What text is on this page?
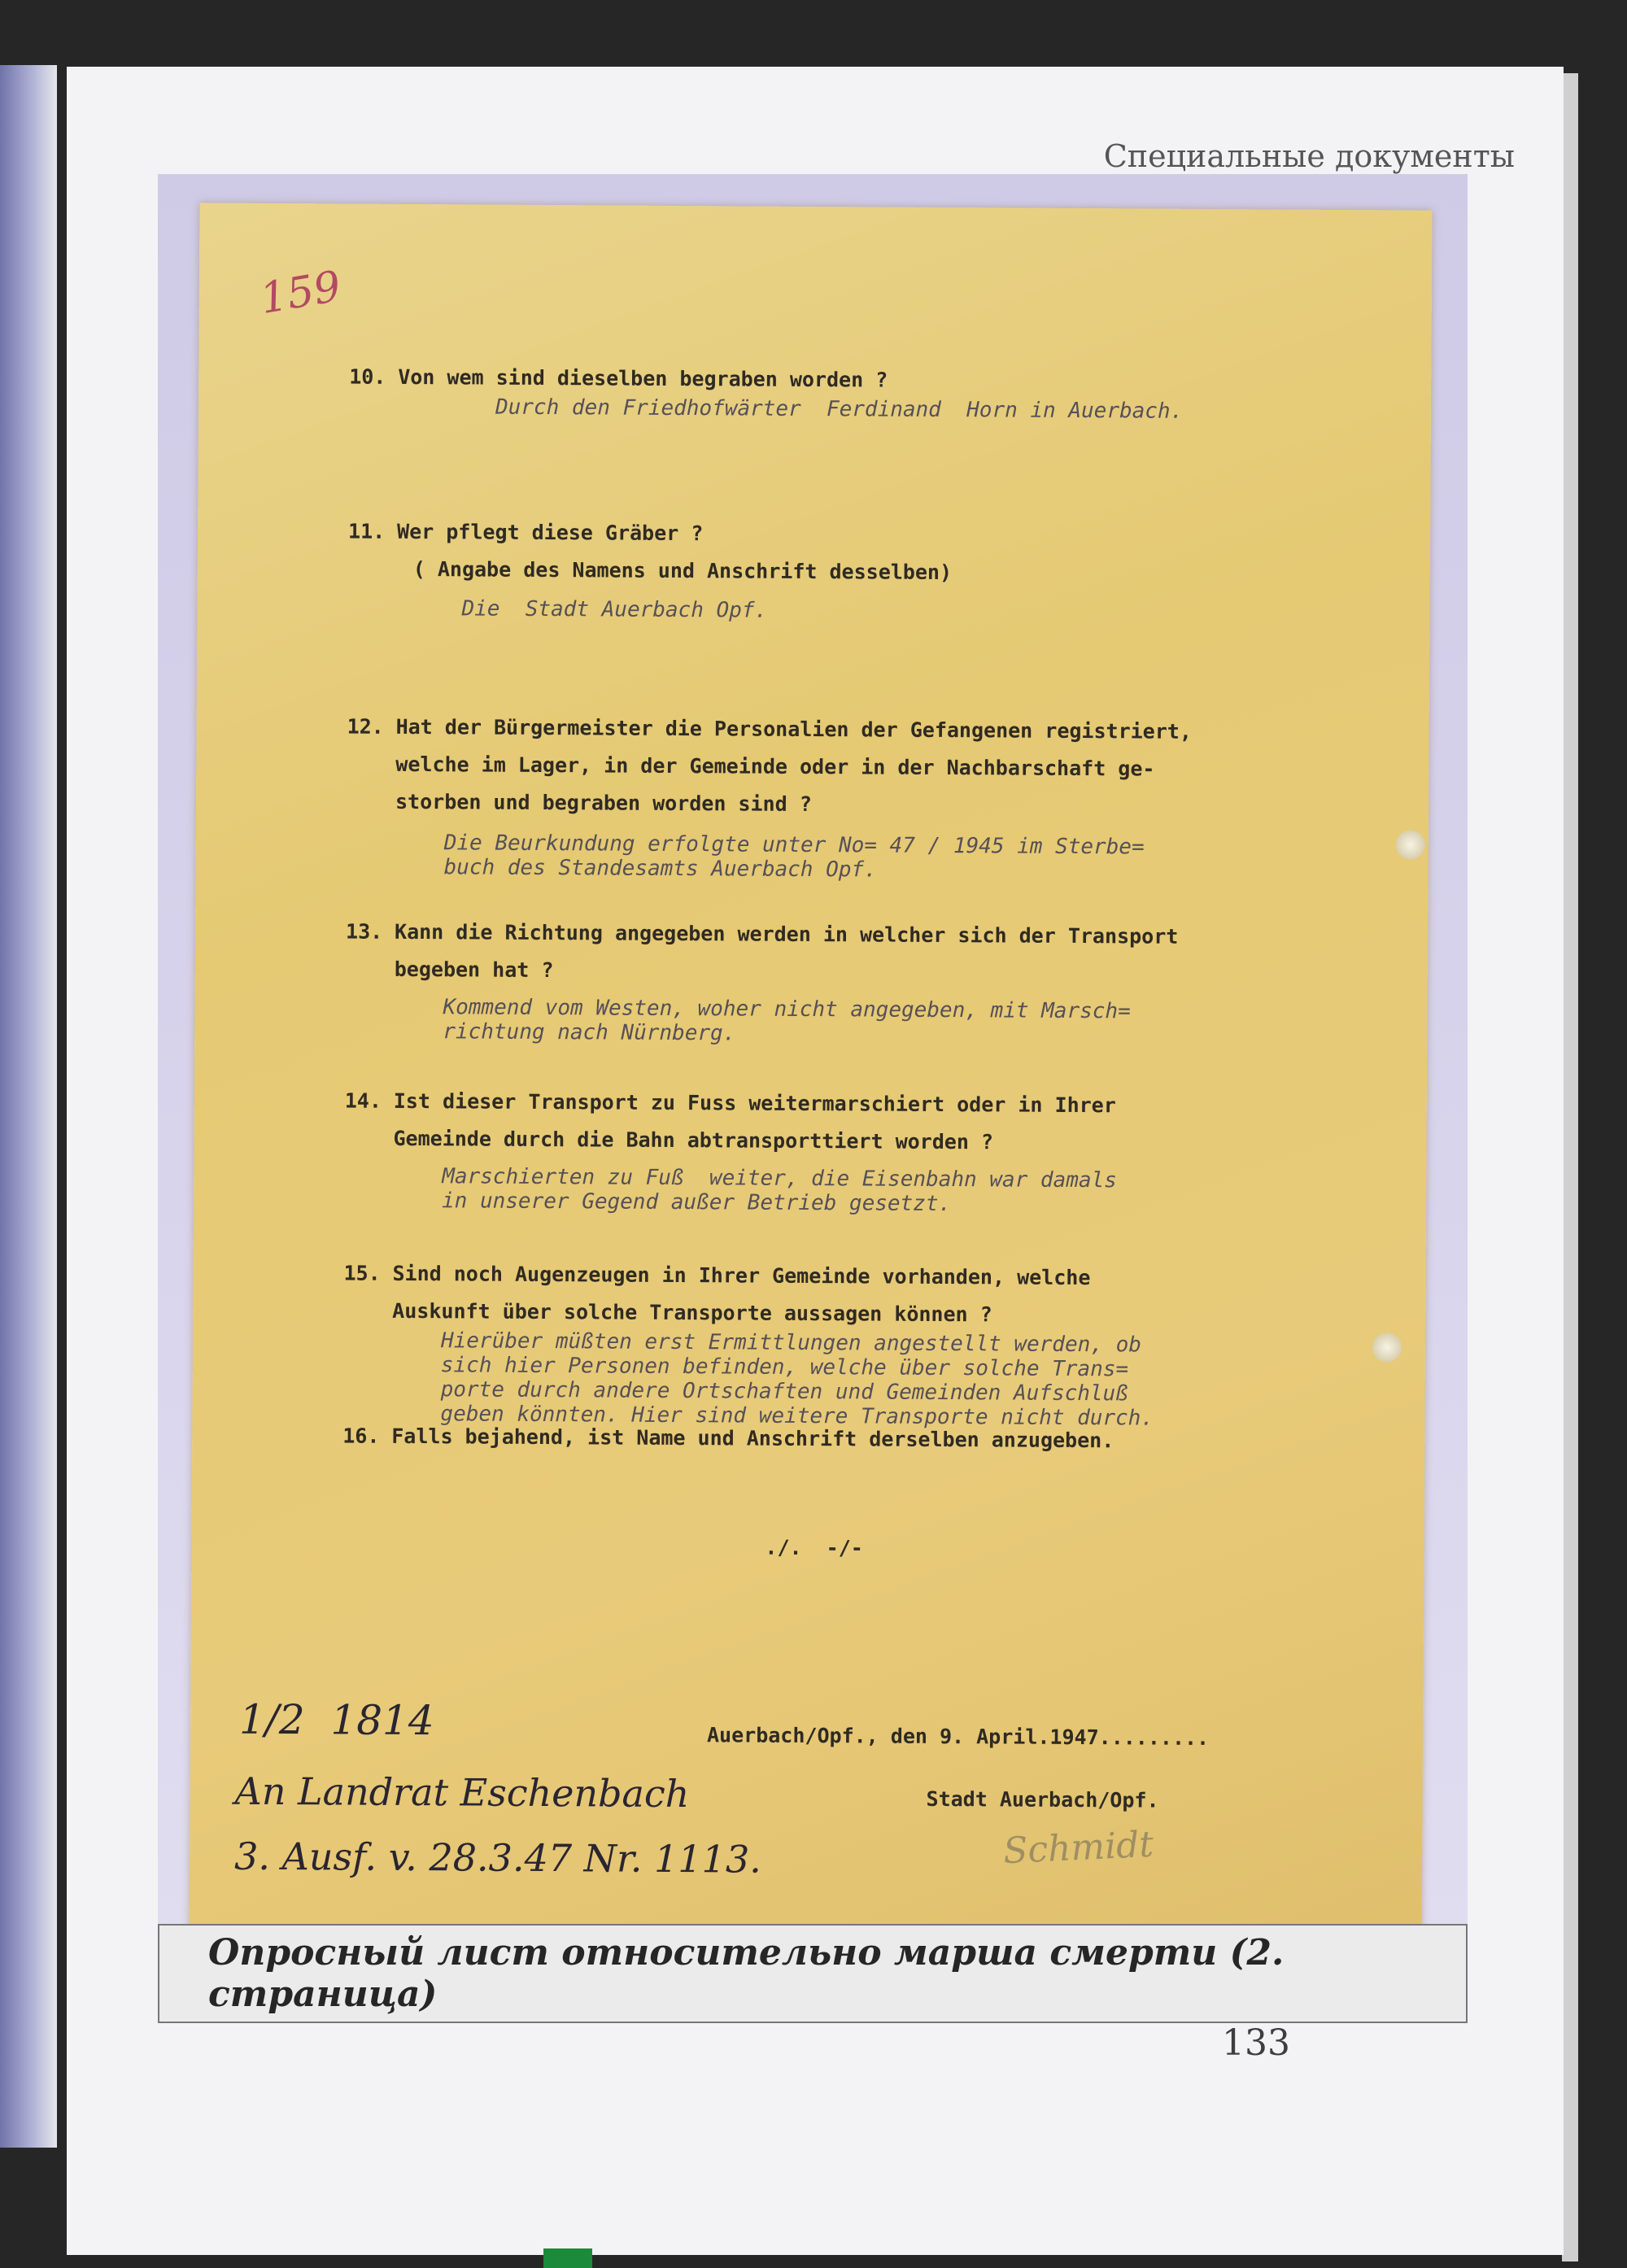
Специальные документы

159

10. Von wem sind dieselben begraben worden ?

Durch den Friedhofwärter  Ferdinand  Horn in Auerbach.

11. Wer pflegt diese Gräber ?

( Angabe des Namens und Anschrift desselben)

Die  Stadt Auerbach Opf.

12. Hat der Bürgermeister die Personalien der Gefangenen registriert,

welche im Lager, in der Gemeinde oder in der Nachbarschaft ge-

storben und begraben worden sind ?

Die Beurkundung erfolgte unter No= 47 / 1945 im Sterbe=

buch des Standesamts Auerbach Opf.

13. Kann die Richtung angegeben werden in welcher sich der Transport

begeben hat ?

Kommend vom Westen, woher nicht angegeben, mit Marsch=

richtung nach Nürnberg.

14. Ist dieser Transport zu Fuss weitermarschiert oder in Ihrer

Gemeinde durch die Bahn abtransporttiert worden ?

Marschierten zu Fuß  weiter, die Eisenbahn war damals

in unserer Gegend außer Betrieb gesetzt.

15. Sind noch Augenzeugen in Ihrer Gemeinde vorhanden, welche

Auskunft über solche Transporte aussagen können ?

Hierüber müßten erst Ermittlungen angestellt werden, ob

sich hier Personen befinden, welche über solche Trans=

porte durch andere Ortschaften und Gemeinden Aufschluß

geben könnten. Hier sind weitere Transporte nicht durch.

16. Falls bejahend, ist Name und Anschrift derselben anzugeben.

./.  -/-

Auerbach/Opf., den 9. April.1947.........

Stadt Auerbach/Opf.

Schmidt

1/2  1814

An Landrat Eschenbach

3. Ausf. v. 28.3.47 Nr. 1113.

Опросный лист относительно марша смерти (2. страница)

133
